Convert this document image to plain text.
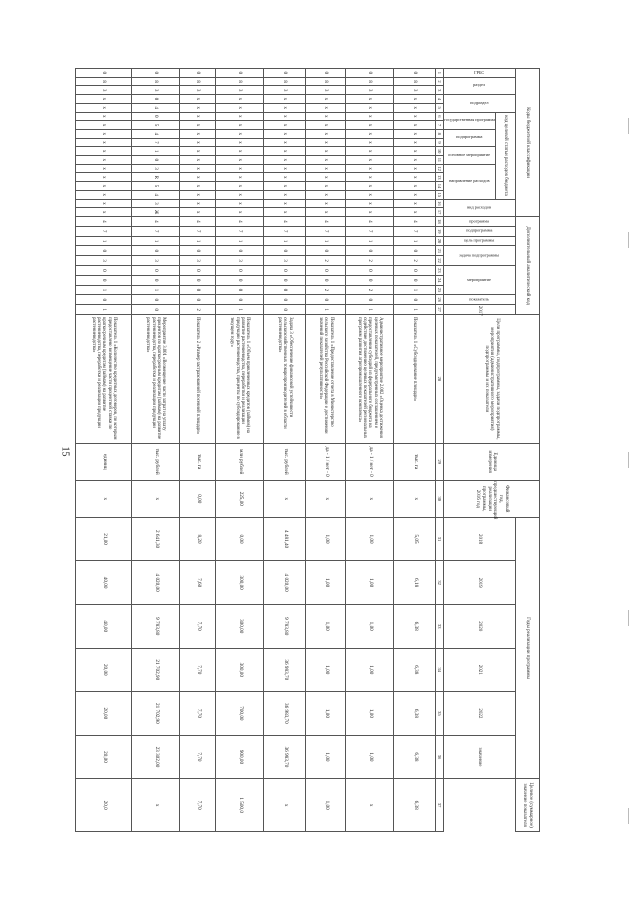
15
Коды бюджетной классификации																	Дополнительный аналитический код										Цели программы, подпрограммы, задачи подпрограммы, мероприятия (административного мероприятия) подпрограммы и их показатели	Единица измерения	Финансовый год, предшествующий реализации программы, 2016 год	Годы реализации программы						Целевое (суммарное) значение показателя
ГРБС	раздел		подраздел		код целевой статьи расходов бюджета										вид расходов		программа	подпрограмма	цель программы	задача подпрограммы		мероприятие			показатель	2017				2018	2019	2020	2021	2022	значение	
					государственная программа		подпрограмма		основное мероприятие		направление расходов																									
1	2	3	4	5	6	7	8	9	10	11	12	13	14	15	16	17	18	19	20	21	22	23	24	25	26	27	28	29	30	31	32	33	34	35	36	37
0	8	3	х	х	х	х	х	х	х	х	х	х	х	х	х	х	4	7	1	0	2	0	0	1	0	1	Показатель 1 «Субсидирование площади»	тыс. га	х	5,05	6,18	6,38	6,38	6,38	6,38	6,38
0	8	3	х	х	х	х	х	х	х	х	х	х	х	х	х	х	4	7	1	0	2	0	0	2	0	1	Административное мероприятие 2.002 «Оценка достижения целевых показателей, предусмотренных соглашением о предоставлении субсидий из федерального бюджета на содействие достижению целевых показателей региональных программ развития агропромышленного комплекса»	да - 1 / нет - 0	х	1,00	1,00	1,00	1,00	1,00	1,00	х
0	8	3	х	х	х	х	х	х	х	х	х	х	х	х	х	х	4	7	1	0	2	0	0	2	0	1	Показатель 1 «Предоставление отчета в Министерство сельского хозяйства Российской Федерации о достижении значений показателей результативности»	да - 1 / нет - 0	х	1,00	1,00	1,00	1,00	1,00	1,00	1,00
0	8	3	х	х	х	х	х	х	х	х	х	х	х	х	х	х	4	7	1	0	3	0	0	0	0	0	Задача 3 «Обеспечение финансовой устойчивости сельскохозяйственных товаропроизводителей в области растениеводства»	тыс. рублей	х	4 481,40	4 020,00	9 783,80	36 983,70	36 983,70	36 983,70	х
0	8	3	х	х	х	х	х	х	х	х	х	х	х	х	х	х	4	7	1	0	3	0	0	0	0	1	Показатель 1 «Объем привлеченных кредитов (займов) на развитие растениеводства, переработки и реализации продукции растениеводства, проценты по субсидированию в текущем году»	млн рублей	225,00	0,00	300,00	300,00	300,00	700,00	900,00	1 500,0
0	8	3	х	х	х	х	х	х	х	х	х	х	х	х	х	х	4	7	1	0	3	0	0	0	0	2	Показатель 2 «Размер застрахованной посевной площади»	тыс. га	0,00	8,20	7,60	7,70	7,70	7,70	7,70	7,70
0	8	3	0	4	0	5	4	7	1	0	3	R	5	4	3	Ж	4	7	1	0	3	0	0	1	0	0	Мероприятие 3.001 «Возмещение части затрат на уплату процентов по краткосрочным кредитам (займам) на развитие растениеводства, переработки и реализации продукции растениеводства»	тыс. рублей	х	2 641,30	4 020,00	9 783,80	21 702,90	21 702,90	23 302,00	х
0	8	3	х	х	х	х	х	х	х	х	х	х	х	х	х	х	4	7	1	0	3	0	0	1	0	1	Показатель 1 «Количество кредитных договоров, по которым предоставлено возмещение части процентной ставки по краткосрочным кредитам (займам) на развитие растениеводства, переработки и реализации продукции растениеводства»	единиц	х	21,00	40,00	40,00	20,00	20,00	20,00	20,0
